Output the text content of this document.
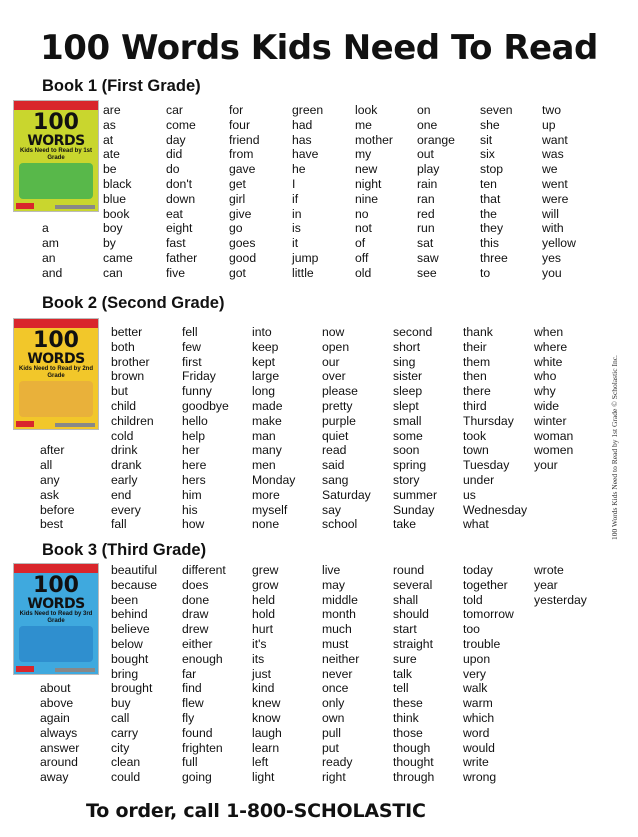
100 Words Kids Need To Read
Book 1 (First Grade)
100
WORDS
Kids Need to Read by 1st Grade
a
am
an
and
are
as
at
ate
be
black
blue
book
boy
by
came
can
car
come
day
did
do
don't
down
eat
eight
fast
father
five
for
four
friend
from
gave
get
girl
give
go
goes
good
got
green
had
has
have
he
I
if
in
is
it
jump
little
look
me
mother
my
new
night
nine
no
not
of
off
old
on
one
orange
out
play
rain
ran
red
run
sat
saw
see
seven
she
sit
six
stop
ten
that
the
they
this
three
to
two
up
want
was
we
went
were
will
with
yellow
yes
you
Book 2 (Second Grade)
100
WORDS
Kids Need to Read by 2nd Grade
after
all
any
ask
before
best
better
both
brother
brown
but
child
children
cold
drink
drank
early
end
every
fall
fell
few
first
Friday
funny
goodbye
hello
help
her
here
hers
him
his
how
into
keep
kept
large
long
made
make
man
many
men
Monday
more
myself
none
now
open
our
over
please
pretty
purple
quiet
read
said
sang
Saturday
say
school
second
short
sing
sister
sleep
slept
small
some
soon
spring
story
summer
Sunday
take
thank
their
them
then
there
third
Thursday
took
town
Tuesday
under
us
Wednesday
what
when
where
white
who
why
wide
winter
woman
women
your
Book 3 (Third Grade)
100
WORDS
Kids Need to Read by 3rd Grade
about
above
again
always
answer
around
away
beautiful
because
been
behind
believe
below
bought
bring
brought
buy
call
carry
city
clean
could
different
does
done
draw
drew
either
enough
far
find
flew
fly
found
frighten
full
going
grew
grow
held
hold
hurt
it's
its
just
kind
knew
know
laugh
learn
left
light
live
may
middle
month
much
must
neither
never
once
only
own
pull
put
ready
right
round
several
shall
should
start
straight
sure
talk
tell
these
think
those
though
thought
through
today
together
told
tomorrow
too
trouble
upon
very
walk
warm
which
word
would
write
wrong
wrote
year
yesterday
100 Words Kids Need to Read by 1st Grade © Scholastic Inc.
To order, call 1-800-SCHOLASTIC
